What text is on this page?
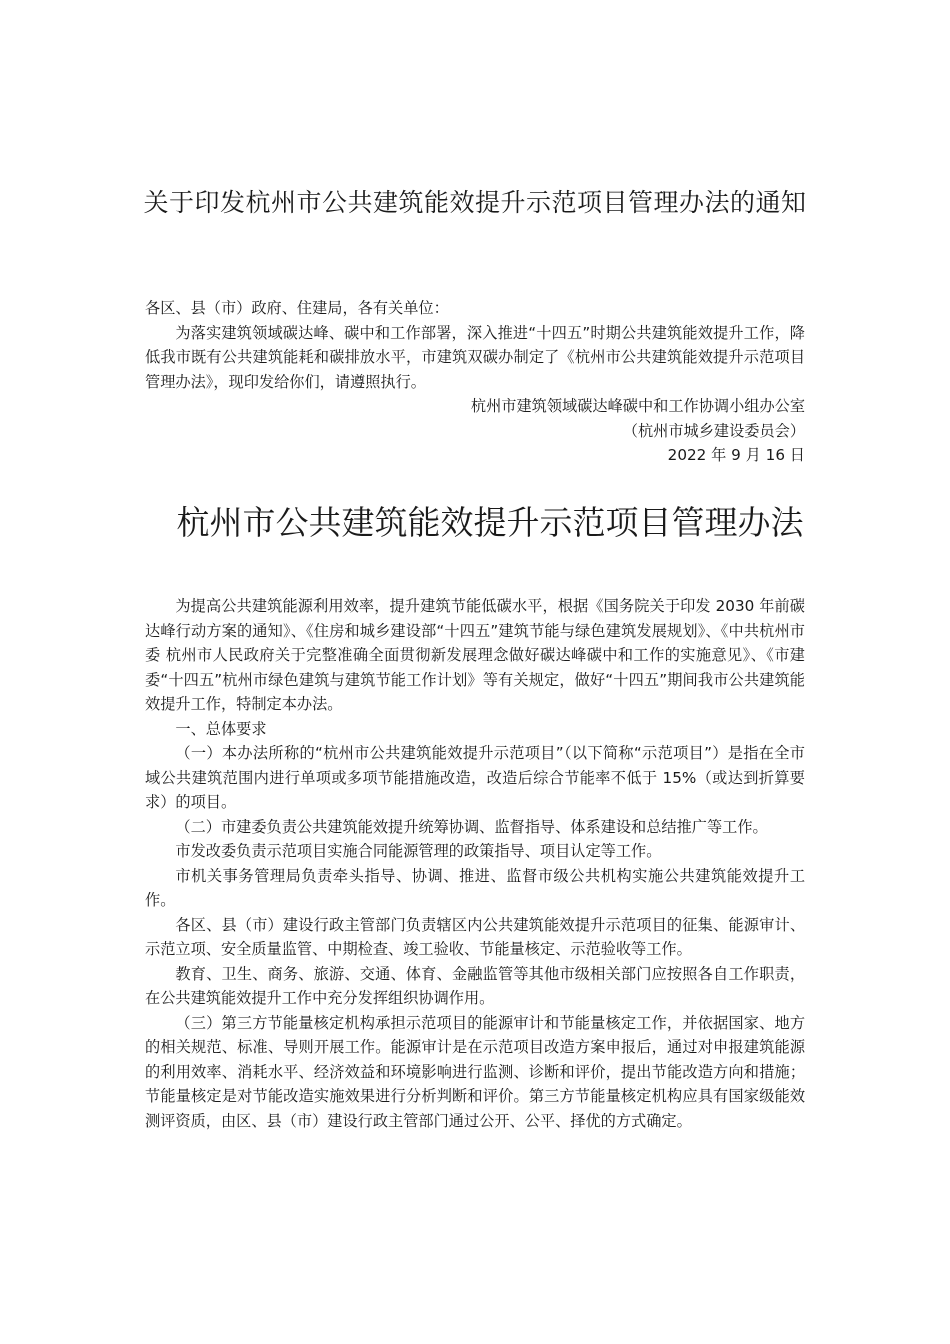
关于印发杭州市公共建筑能效提升示范项目管理办法的通知

各区、县（市）政府、住建局，各有关单位：

为落实建筑领域碳达峰、碳中和工作部署，深入推进“十四五”时期公共建筑能效提升工作，降低我市既有公共建筑能耗和碳排放水平，市建筑双碳办制定了《杭州市公共建筑能效提升示范项目管理办法》，现印发给你们，请遵照执行。

杭州市建筑领域碳达峰碳中和工作协调小组办公室

（杭州市城乡建设委员会）

2022 年 9 月 16 日

杭州市公共建筑能效提升示范项目管理办法

为提高公共建筑能源利用效率，提升建筑节能低碳水平，根据《国务院关于印发 2030 年前碳达峰行动方案的通知》、《住房和城乡建设部“十四五”建筑节能与绿色建筑发展规划》、《中共杭州市委 杭州市人民政府关于完整准确全面贯彻新发展理念做好碳达峰碳中和工作的实施意见》、《市建委“十四五”杭州市绿色建筑与建筑节能工作计划》等有关规定，做好“十四五”期间我市公共建筑能效提升工作，特制定本办法。

一、总体要求

（一）本办法所称的“杭州市公共建筑能效提升示范项目”（以下简称“示范项目”）是指在全市域公共建筑范围内进行单项或多项节能措施改造，改造后综合节能率不低于 15%（或达到折算要求）的项目。

（二）市建委负责公共建筑能效提升统筹协调、监督指导、体系建设和总结推广等工作。

市发改委负责示范项目实施合同能源管理的政策指导、项目认定等工作。

市机关事务管理局负责牵头指导、协调、推进、监督市级公共机构实施公共建筑能效提升工作。

各区、县（市）建设行政主管部门负责辖区内公共建筑能效提升示范项目的征集、能源审计、示范立项、安全质量监管、中期检查、竣工验收、节能量核定、示范验收等工作。

教育、卫生、商务、旅游、交通、体育、金融监管等其他市级相关部门应按照各自工作职责，在公共建筑能效提升工作中充分发挥组织协调作用。

（三）第三方节能量核定机构承担示范项目的能源审计和节能量核定工作，并依据国家、地方的相关规范、标准、导则开展工作。能源审计是在示范项目改造方案申报后，通过对申报建筑能源的利用效率、消耗水平、经济效益和环境影响进行监测、诊断和评价，提出节能改造方向和措施；节能量核定是对节能改造实施效果进行分析判断和评价。第三方节能量核定机构应具有国家级能效测评资质，由区、县（市）建设行政主管部门通过公开、公平、择优的方式确定。
